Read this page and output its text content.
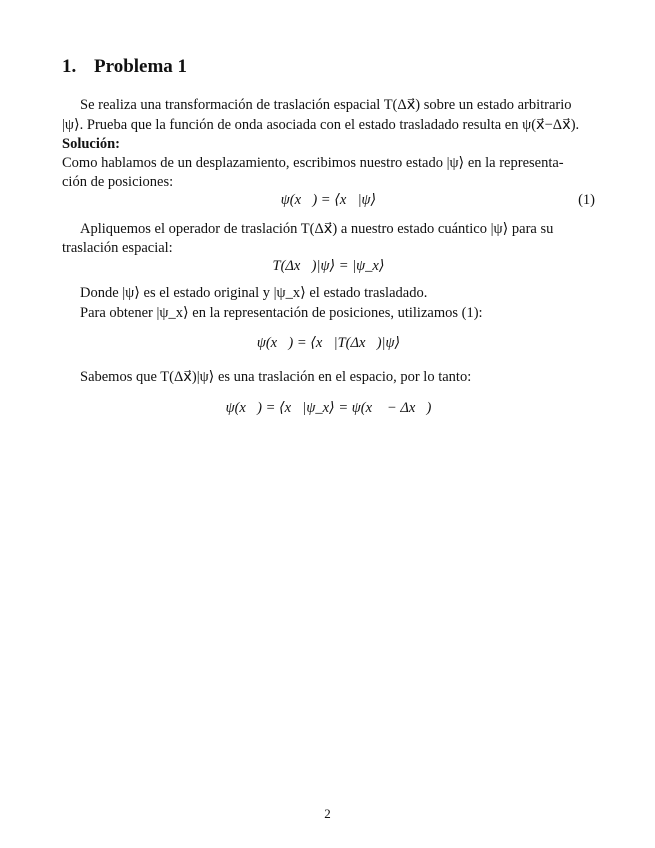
1. Problema 1
Se realiza una transformación de traslación espacial T(Δx⃗) sobre un estado arbitrario
|ψ⟩. Prueba que la función de onda asociada con el estado trasladado resulta en ψ(x⃗−Δx⃗).
Solución:
Como hablamos de un desplazamiento, escribimos nuestro estado |ψ⟩ en la representa-
ción de posiciones:
ψ(x⃗) = ⟨x⃗|ψ⟩	(1)
Apliquemos el operador de traslación T(Δx⃗) a nuestro estado cuántico |ψ⟩ para su
traslación espacial:
T(Δx⃗)|ψ⟩ = |ψ_x⟩
Donde |ψ⟩ es el estado original y |ψ_x⟩ el estado trasladado.
Para obtener |ψ_x⟩ en la representación de posiciones, utilizamos (1):
ψ(x⃗) = ⟨x⃗|T(Δx⃗)|ψ⟩
Sabemos que T(Δx⃗)|ψ⟩ es una traslación en el espacio, por lo tanto:
ψ(x⃗) = ⟨x⃗|ψ_x⟩ = ψ(x⃗ − Δx⃗)
2
